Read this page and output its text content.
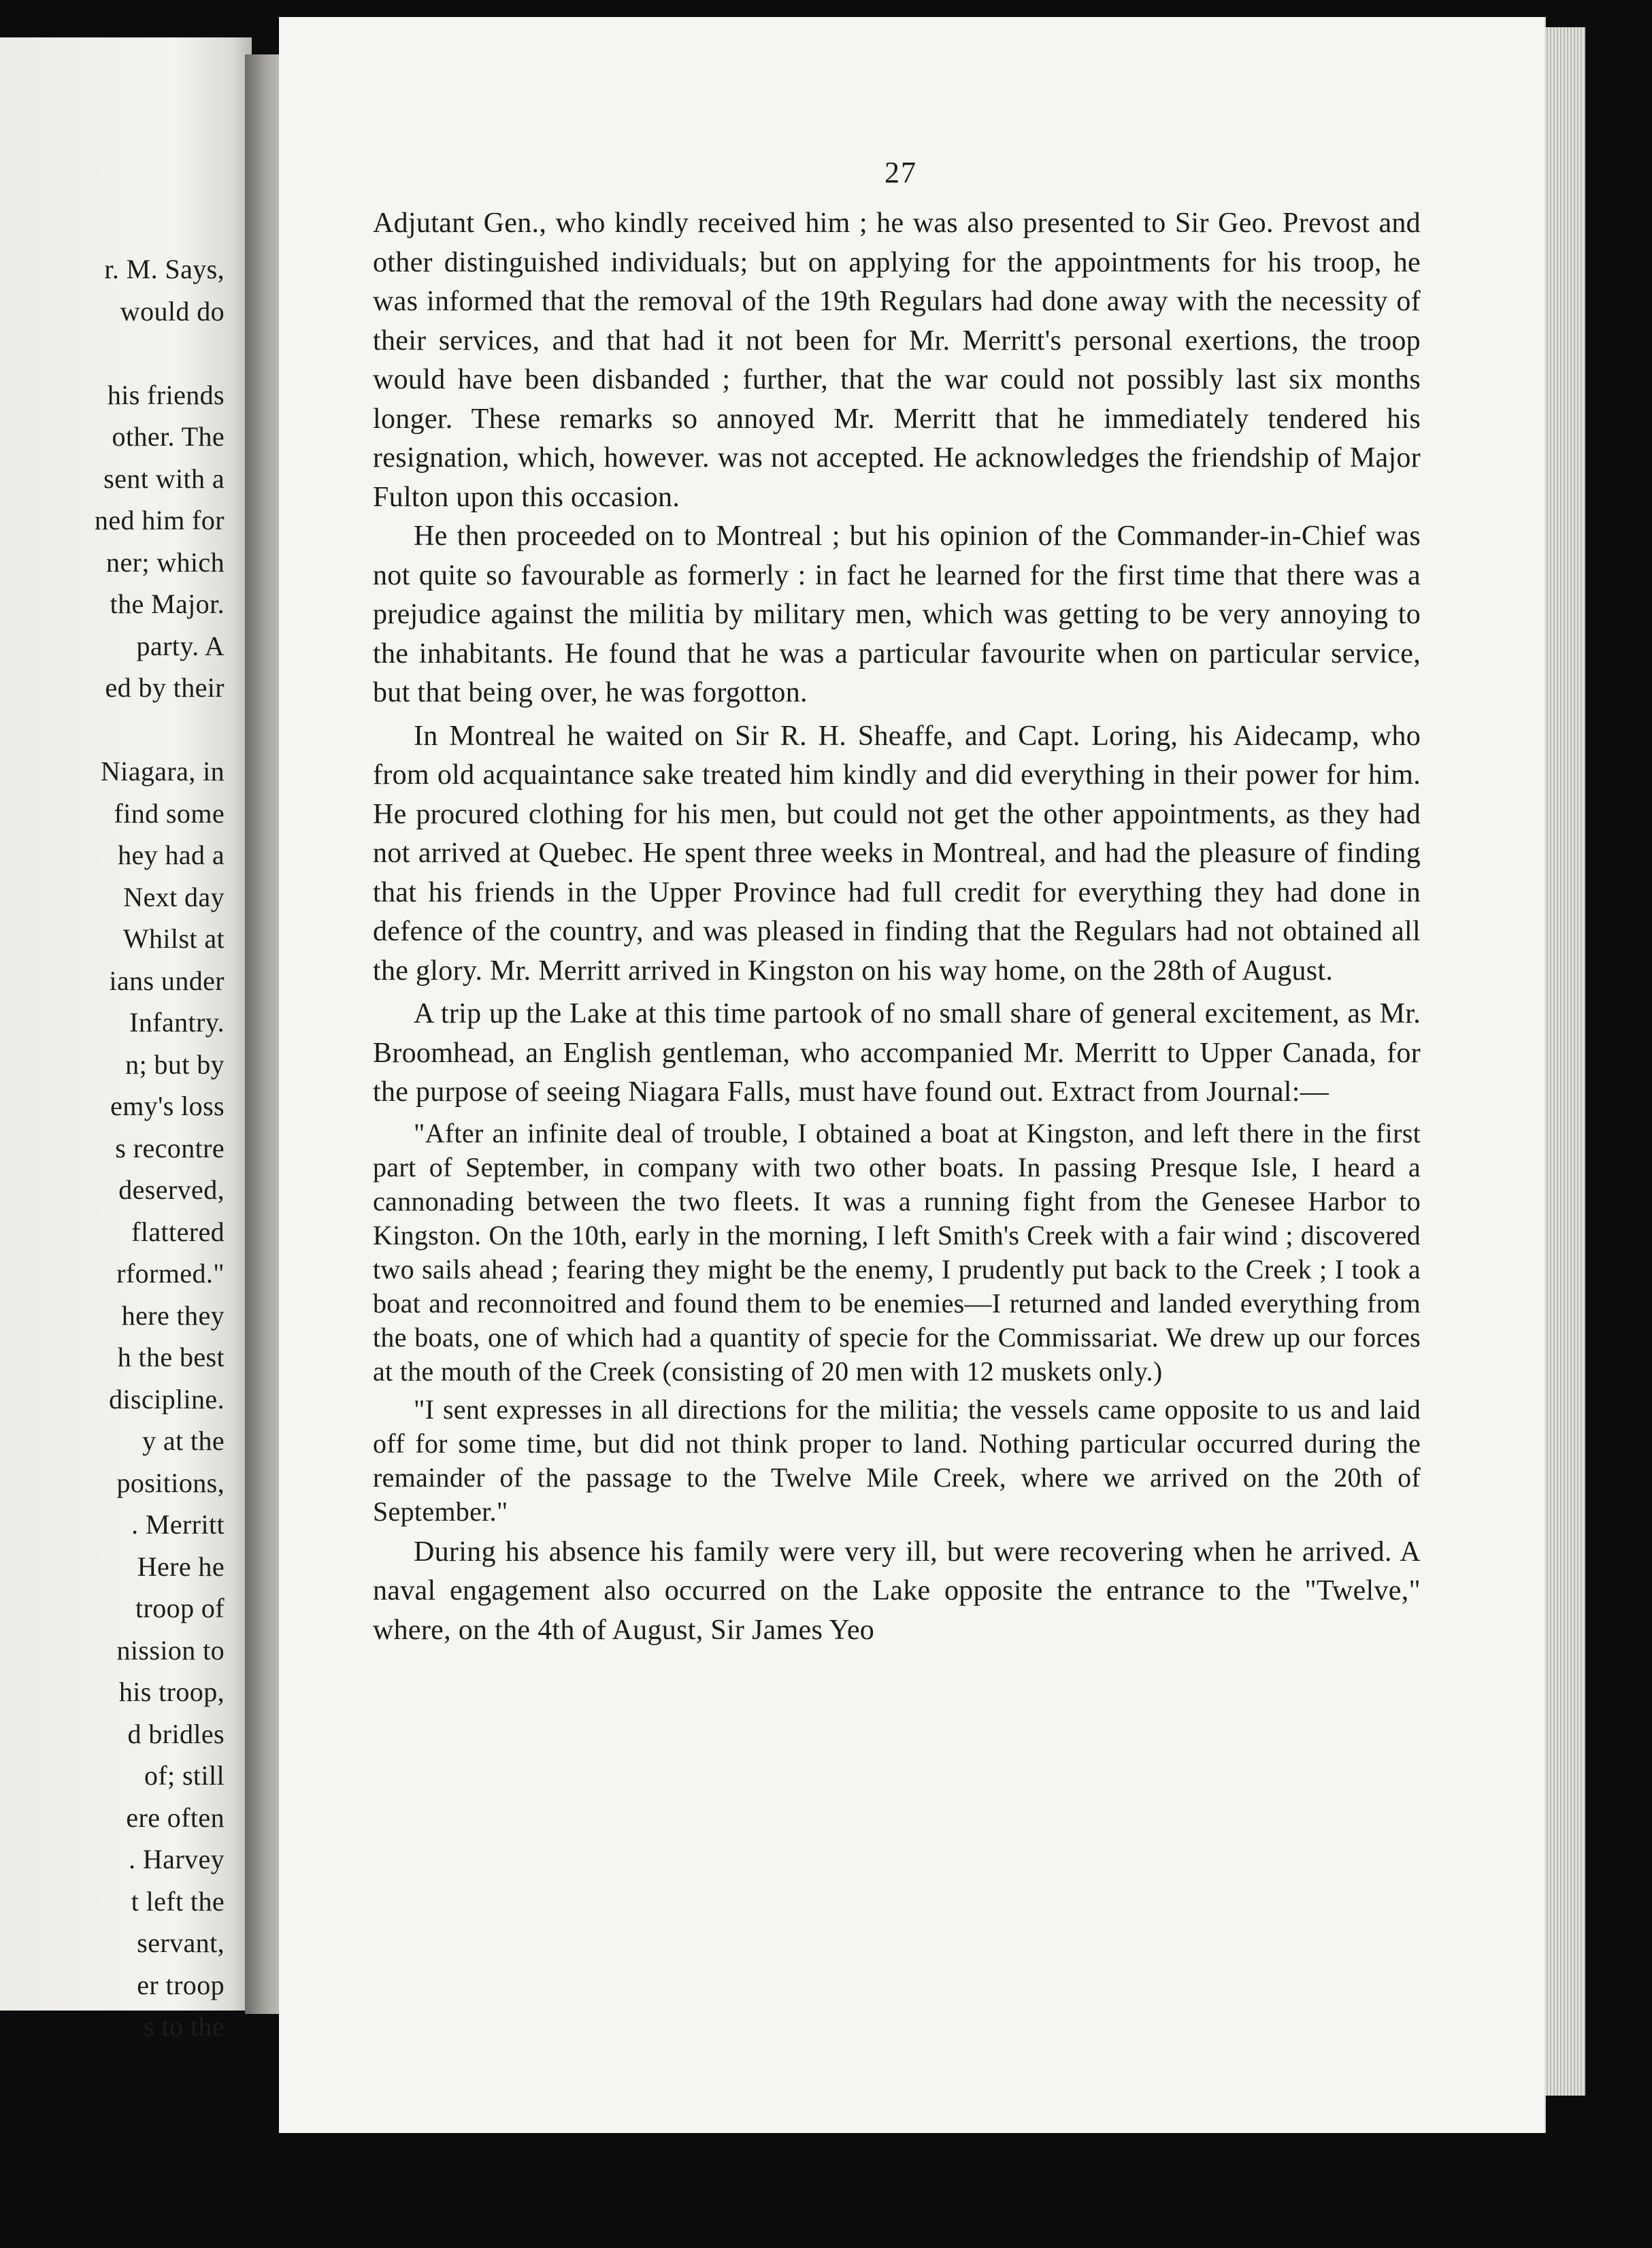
r. M. Says,
would do
his friends
other. The
sent with a
ned him for
ner; which
the Major.
party. A
ed by their
Niagara, in
find some
hey had a
Next day
Whilst at
ians under
Infantry.
n; but by
emy's loss
s recontre
deserved,
flattered
rformed."
here they
h the best
discipline.
y at the
positions,
. Merritt
Here he
troop of
nission to
his troop,
d bridles
of; still
ere often
. Harvey
t left the
servant,
er troop
s to the
27

Adjutant Gen., who kindly received him ; he was also presented to Sir Geo. Prevost and other distinguished individuals; but on applying for the appointments for his troop, he was informed that the removal of the 19th Regulars had done away with the necessity of their services, and that had it not been for Mr. Merritt's personal exertions, the troop would have been disbanded ; further, that the war could not possibly last six months longer. These remarks so annoyed Mr. Merritt that he immediately tendered his resignation, which, however. was not accepted. He acknowledges the friendship of Major Fulton upon this occasion.

He then proceeded on to Montreal ; but his opinion of the Commander-in-Chief was not quite so favourable as formerly : in fact he learned for the first time that there was a prejudice against the militia by military men, which was getting to be very annoying to the inhabitants. He found that he was a particular favourite when on particular service, but that being over, he was forgotton.

In Montreal he waited on Sir R. H. Sheaffe, and Capt. Loring, his Aidecamp, who from old acquaintance sake treated him kindly and did everything in their power for him. He procured clothing for his men, but could not get the other appointments, as they had not arrived at Quebec. He spent three weeks in Montreal, and had the pleasure of finding that his friends in the Upper Province had full credit for everything they had done in defence of the country, and was pleased in finding that the Regulars had not obtained all the glory. Mr. Merritt arrived in Kingston on his way home, on the 28th of August.

A trip up the Lake at this time partook of no small share of general excitement, as Mr. Broomhead, an English gentleman, who accompanied Mr. Merritt to Upper Canada, for the purpose of seeing Niagara Falls, must have found out. Extract from Journal:—

"After an infinite deal of trouble, I obtained a boat at Kingston, and left there in the first part of September, in company with two other boats. In passing Presque Isle, I heard a cannonading between the two fleets. It was a running fight from the Genesee Harbor to Kingston. On the 10th, early in the morning, I left Smith's Creek with a fair wind ; discovered two sails ahead ; fearing they might be the enemy, I prudently put back to the Creek ; I took a boat and reconnoitred and found them to be enemies—I returned and landed everything from the boats, one of which had a quantity of specie for the Commissariat. We drew up our forces at the mouth of the Creek (consisting of 20 men with 12 muskets only.)

"I sent expresses in all directions for the militia; the vessels came opposite to us and laid off for some time, but did not think proper to land. Nothing particular occurred during the remainder of the passage to the Twelve Mile Creek, where we arrived on the 20th of September."

During his absence his family were very ill, but were recovering when he arrived. A naval engagement also occurred on the Lake opposite the entrance to the "Twelve," where, on the 4th of August, Sir James Yeo
